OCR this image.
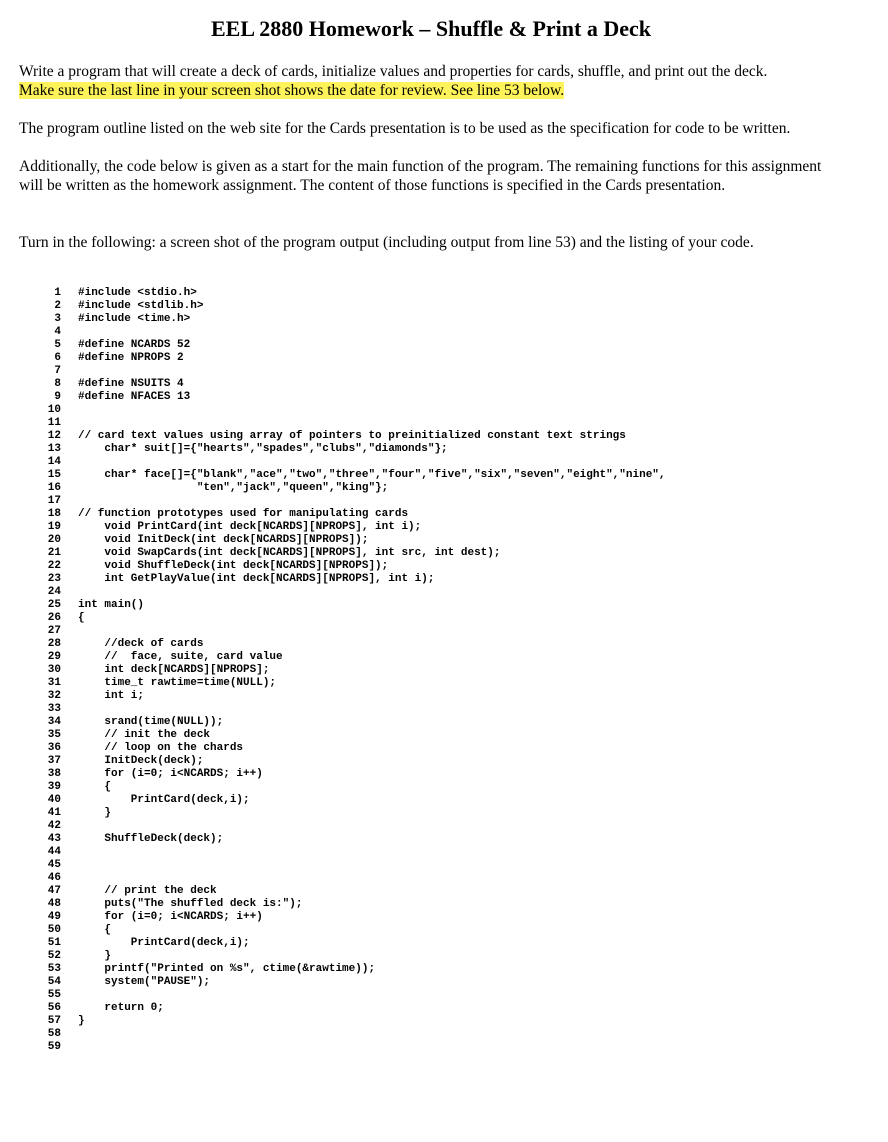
EEL 2880 Homework – Shuffle & Print a Deck

Write a program that will create a deck of cards, initialize values and properties for cards, shuffle, and print out the deck.
Make sure the last line in your screen shot shows the date for review. See line 53 below.

The program outline listed on the web site for the Cards presentation is to be used as the specification for code to be written.

Additionally, the code below is given as a start for the main function of the program. The remaining functions for this assignment will be written as the homework assignment. The content of those functions is specified in the Cards presentation.

Turn in the following: a screen shot of the program output (including output from line 53) and the listing of your code.

1 #include <stdio.h>
2 #include <stdlib.h>
3 #include <time.h>
4
5 #define NCARDS 52
6 #define NPROPS 2
7
8 #define NSUITS 4
9 #define NFACES 13
10
11
12 // card text values using array of pointers to preinitialized constant text strings
13 char* suit[]={"hearts","spades","clubs","diamonds"};
14
15 char* face[]={"blank","ace","two","three","four","five","six","seven","eight","nine",
16 "ten","jack","queen","king"};
17
18 // function prototypes used for manipulating cards
19 void PrintCard(int deck[NCARDS][NPROPS], int i);
20 void InitDeck(int deck[NCARDS][NPROPS]);
21 void SwapCards(int deck[NCARDS][NPROPS], int src, int dest);
22 void ShuffleDeck(int deck[NCARDS][NPROPS]);
23 int GetPlayValue(int deck[NCARDS][NPROPS], int i);
24
25 int main()
26 {
27
28 //deck of cards
29 //  face, suite, card value
30 int deck[NCARDS][NPROPS];
31 time_t rawtime=time(NULL);
32 int i;
33
34 srand(time(NULL));
35 // init the deck
36 // loop on the chards
37 InitDeck(deck);
38 for (i=0; i<NCARDS; i++)
39 {
40 PrintCard(deck,i);
41 }
42
43 ShuffleDeck(deck);
44
45
46
47 // print the deck
48 puts("The shuffled deck is:");
49 for (i=0; i<NCARDS; i++)
50 {
51 PrintCard(deck,i);
52 }
53 printf("Printed on %s", ctime(&rawtime));
54 system("PAUSE");
55
56 return 0;
57 }
58
59
